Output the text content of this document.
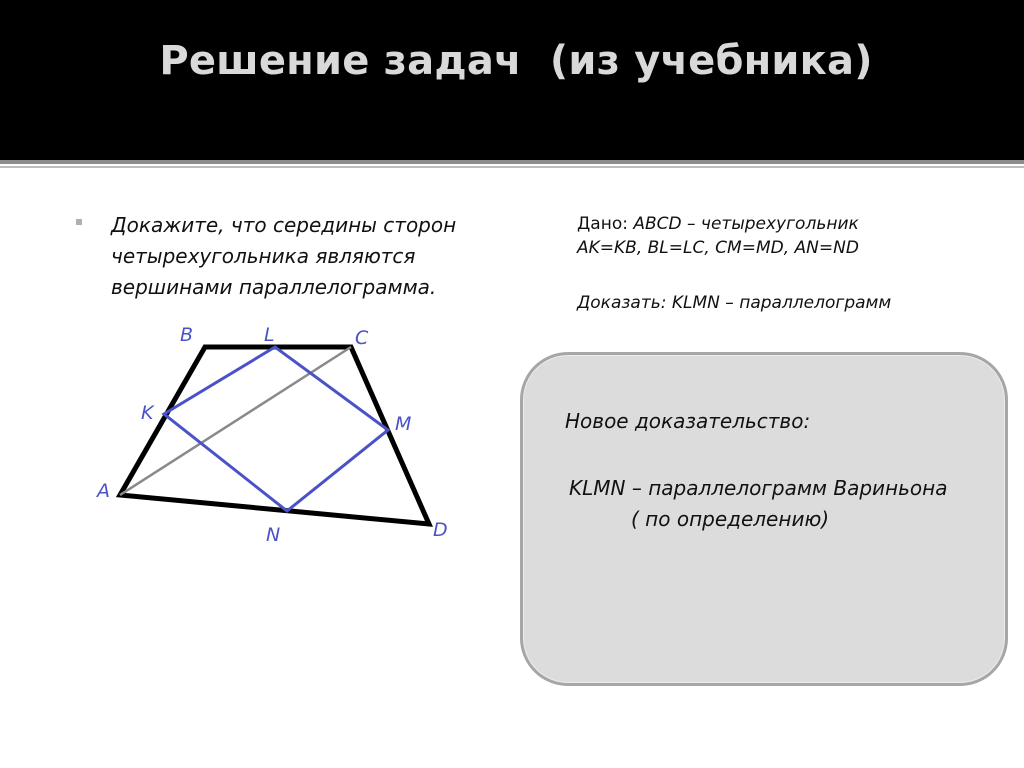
Решение задач  (из учебника)
Докажите, что середины сторон
четырехугольника являются
вершинами параллелограмма.
Дано: ABCD – четырехугольник
AK=KB, BL=LC, CM=MD, AN=ND
Доказать: KLMN – параллелограмм
B	L	C
K	M
A
N	D
Новое доказательство:
KLMN – параллелограмм Вариньона
( по определению)
